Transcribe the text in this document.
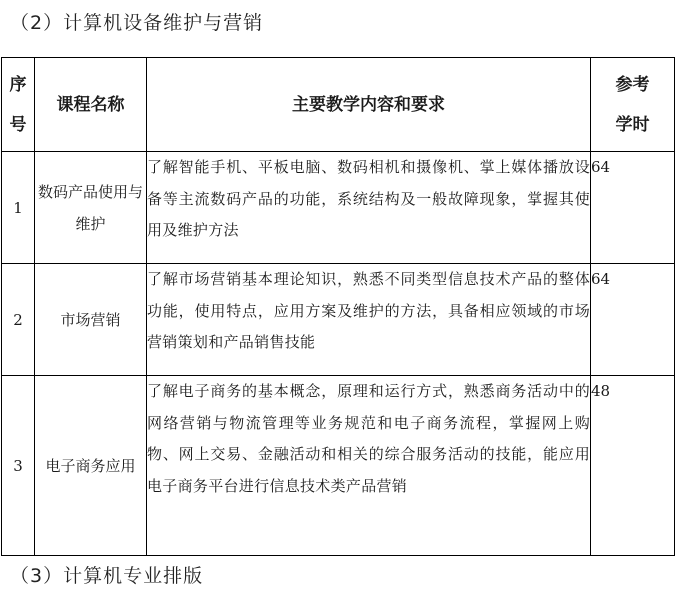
（2）计算机设备维护与营销
序号	课程名称	主要教学内容和要求	参考学时

1	数码产品使用与维护	了解智能手机、平板电脑、数码相机和摄像机、掌上媒体播放设备等主流数码产品的功能，系统结构及一般故障现象，掌握其使用及维护方法	64
2	市场营销	了解市场营销基本理论知识，熟悉不同类型信息技术产品的整体功能，使用特点，应用方案及维护的方法，具备相应领域的市场营销策划和产品销售技能	64
3	电子商务应用	了解电子商务的基本概念，原理和运行方式，熟悉商务活动中的网络营销与物流管理等业务规范和电子商务流程，掌握网上购物、网上交易、金融活动和相关的综合服务活动的技能，能应用电子商务平台进行信息技术类产品营销	48
（3）计算机专业排版
